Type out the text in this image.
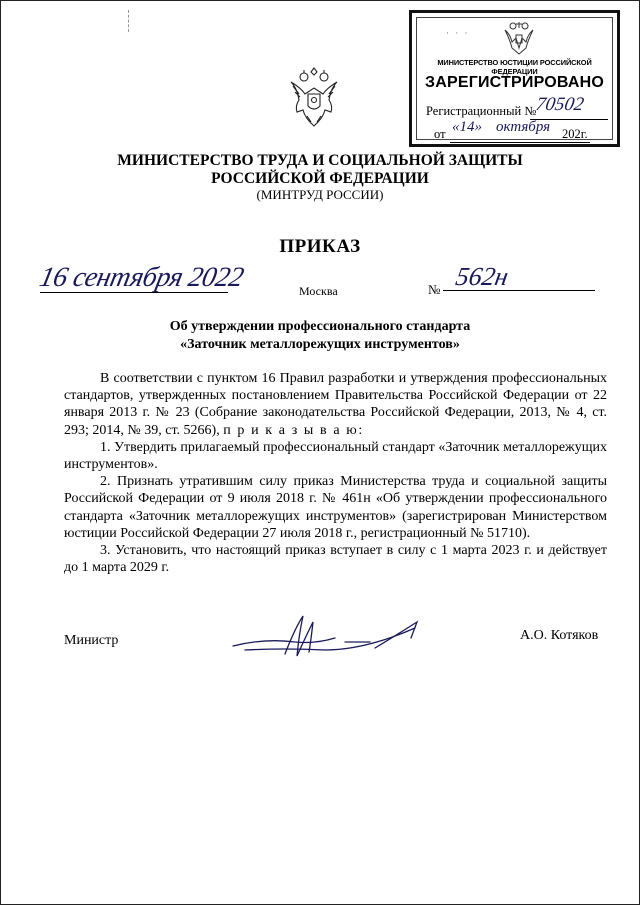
· · ·
МИНИСТЕРСТВО ЮСТИЦИИ РОССИЙСКОЙ ФЕДЕРАЦИИ
ЗАРЕГИСТРИРОВАНО
Регистрационный №
70502
от «14» октября 202г.
МИНИСТЕРСТВО ТРУДА И СОЦИАЛЬНОЙ ЗАЩИТЫ
РОССИЙСКОЙ ФЕДЕРАЦИИ
(МИНТРУД РОССИИ)
ПРИКАЗ
16 сентября 2022	Москва	№ 562н
Об утверждении профессионального стандарта
«Заточник металлорежущих инструментов»

В соответствии с пунктом 16 Правил разработки и утверждения профессиональных стандартов, утвержденных постановлением Правительства Российской Федерации от 22 января 2013 г. № 23 (Собрание законодательства Российской Федерации, 2013, № 4, ст. 293; 2014, № 39, ст. 5266), п р и к а з ы в а ю:

1. Утвердить прилагаемый профессиональный стандарт «Заточник металлорежущих инструментов».

2. Признать утратившим силу приказ Министерства труда и социальной защиты Российской Федерации от 9 июля 2018 г. № 461н «Об утверждении профессионального стандарта «Заточник металлорежущих инструментов» (зарегистрирован Министерством юстиции Российской Федерации 27 июля 2018 г., регистрационный № 51710).

3. Установить, что настоящий приказ вступает в силу с 1 марта 2023 г. и действует до 1 марта 2029 г.

Министр	А.О. Котяков
